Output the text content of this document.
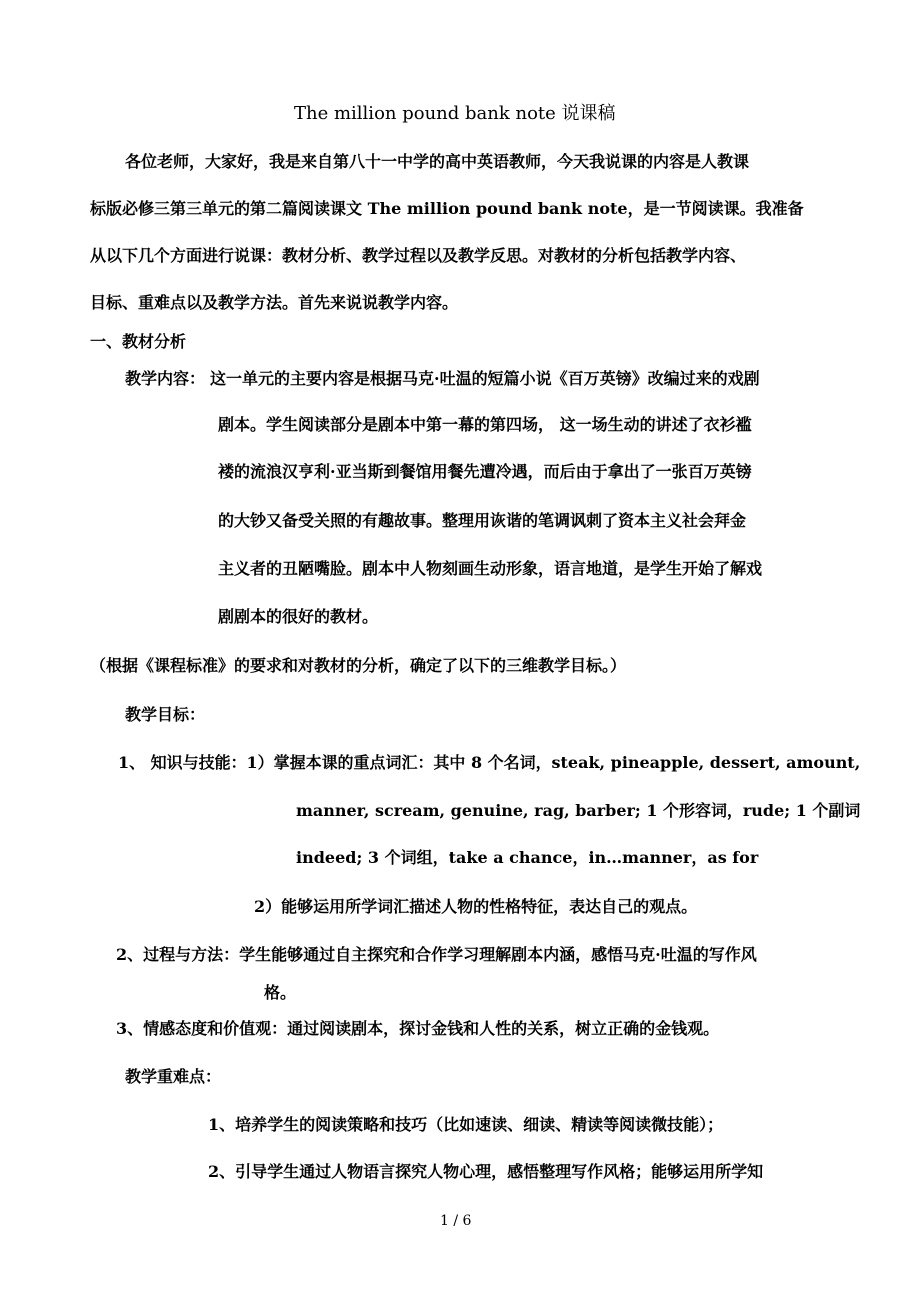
The million pound bank note 说课稿
各位老师，大家好，我是来自第八十一中学的高中英语教师，今天我说课的内容是人教课
标版必修三第三单元的第二篇阅读课文 The million pound bank note，是一节阅读课。我准备
从以下几个方面进行说课：教材分析、教学过程以及教学反思。对教材的分析包括教学内容、
目标、重难点以及教学方法。首先来说说教学内容。
一、教材分析
教学内容： 这一单元的主要内容是根据马克·吐温的短篇小说《百万英镑》改编过来的戏剧
剧本。学生阅读部分是剧本中第一幕的第四场， 这一场生动的讲述了衣衫褴
褛的流浪汉亨利·亚当斯到餐馆用餐先遭冷遇，而后由于拿出了一张百万英镑
的大钞又备受关照的有趣故事。整理用诙谐的笔调讽刺了资本主义社会拜金
主义者的丑陋嘴脸。剧本中人物刻画生动形象，语言地道，是学生开始了解戏
剧剧本的很好的教材。
（根据《课程标准》的要求和对教材的分析，确定了以下的三维教学目标。）
教学目标：
1、 知识与技能：1）掌握本课的重点词汇：其中 8 个名词，steak, pineapple, dessert, amount,
manner, scream, genuine, rag, barber; 1 个形容词，rude; 1 个副词
indeed; 3 个词组，take a chance，in…manner，as for
2）能够运用所学词汇描述人物的性格特征，表达自己的观点。
2、过程与方法：学生能够通过自主探究和合作学习理解剧本内涵，感悟马克·吐温的写作风
格。
3、情感态度和价值观：通过阅读剧本，探讨金钱和人性的关系，树立正确的金钱观。
教学重难点：
1、培养学生的阅读策略和技巧（比如速读、细读、精读等阅读微技能）；
2、引导学生通过人物语言探究人物心理，感悟整理写作风格；能够运用所学知
1 / 6
